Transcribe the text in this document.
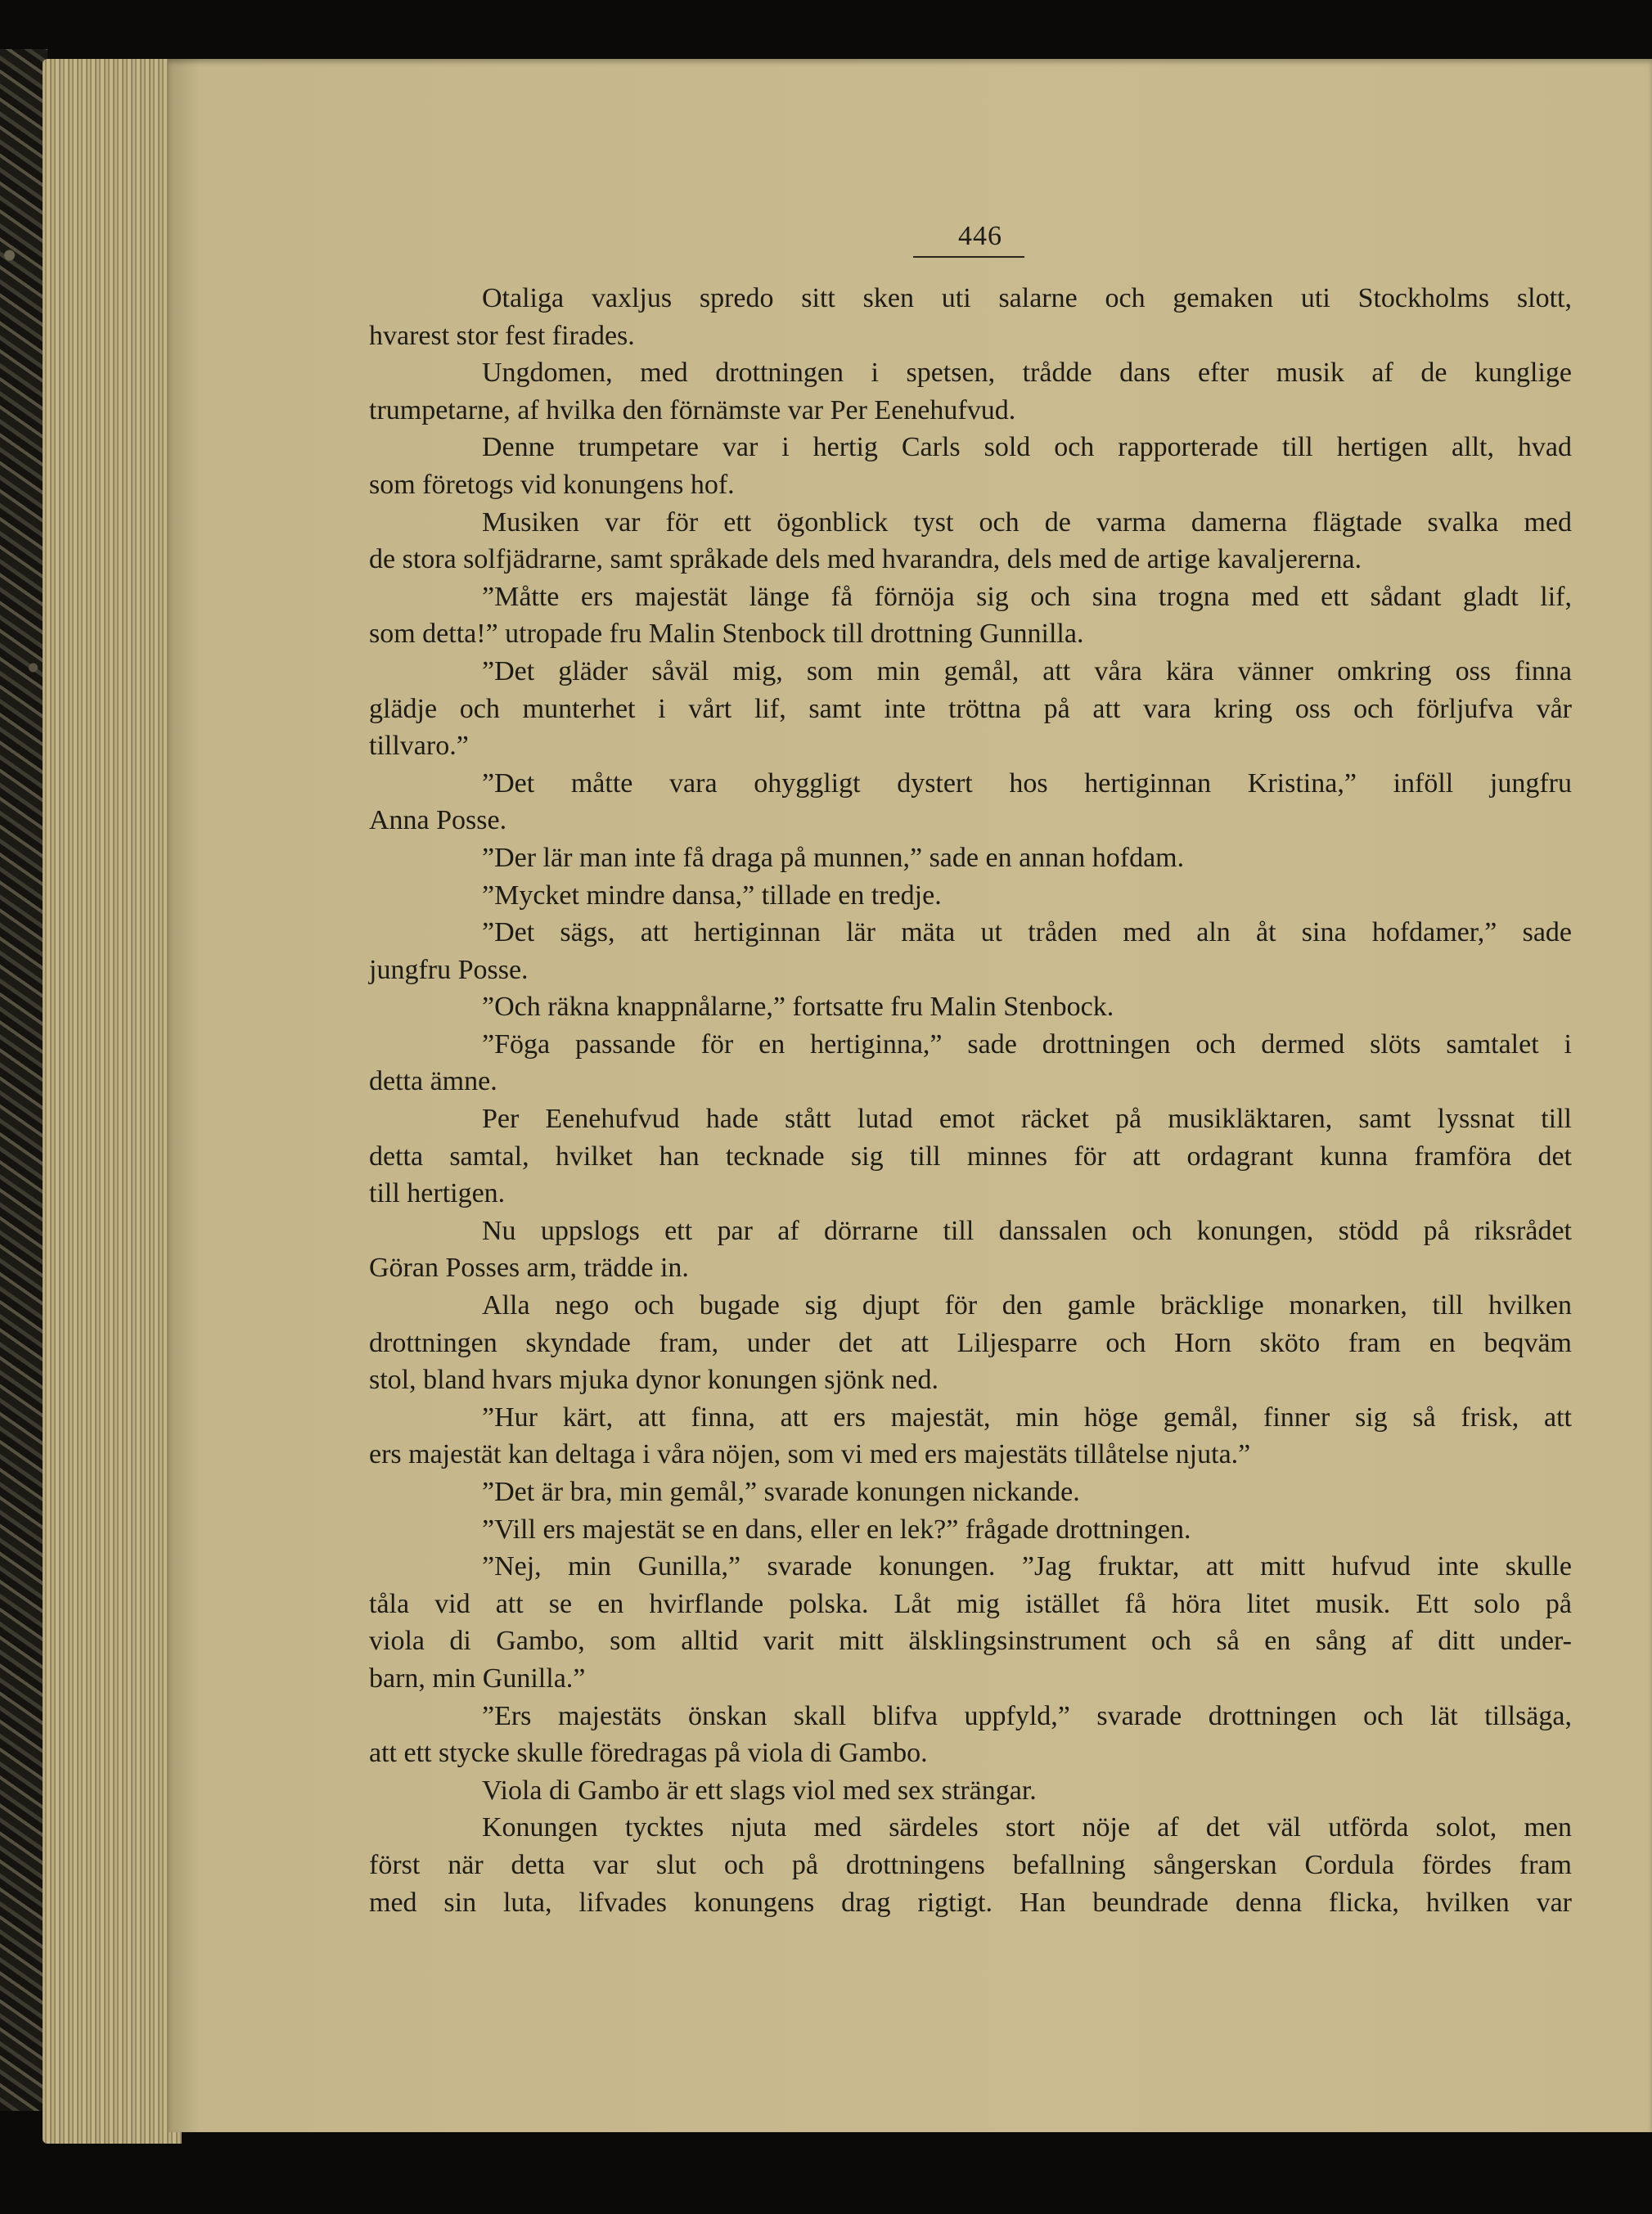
446
Otaliga vaxljus spredo sitt sken uti salarne och gemaken uti Stockholms slott,
hvarest stor fest firades.
Ungdomen, med drottningen i spetsen, trådde dans efter musik af de kunglige
trumpetarne, af hvilka den förnämste var Per Eenehufvud.
Denne trumpetare var i hertig Carls sold och rapporterade till hertigen allt, hvad
som företogs vid konungens hof.
Musiken var för ett ögonblick tyst och de varma damerna flägtade svalka med
de stora solfjädrarne, samt språkade dels med hvarandra, dels med de artige kavaljererna.
”Måtte ers majestät länge få förnöja sig och sina trogna med ett sådant gladt lif,
som detta!” utropade fru Malin Stenbock till drottning Gunnilla.
”Det gläder såväl mig, som min gemål, att våra kära vänner omkring oss finna
glädje och munterhet i vårt lif, samt inte tröttna på att vara kring oss och förljufva vår
tillvaro.”
”Det måtte vara ohyggligt dystert hos hertiginnan Kristina,” inföll jungfru
Anna Posse.
”Der lär man inte få draga på munnen,” sade en annan hofdam.
”Mycket mindre dansa,” tillade en tredje.
”Det sägs, att hertiginnan lär mäta ut tråden med aln åt sina hofdamer,” sade
jungfru Posse.
”Och räkna knappnålarne,” fortsatte fru Malin Stenbock.
”Föga passande för en hertiginna,” sade drottningen och dermed slöts samtalet i
detta ämne.
Per Eenehufvud hade stått lutad emot räcket på musikläktaren, samt lyssnat till
detta samtal, hvilket han tecknade sig till minnes för att ordagrant kunna framföra det
till hertigen.
Nu uppslogs ett par af dörrarne till danssalen och konungen, stödd på riksrådet
Göran Posses arm, trädde in.
Alla nego och bugade sig djupt för den gamle bräcklige monarken, till hvilken
drottningen skyndade fram, under det att Liljesparre och Horn sköto fram en beqväm
stol, bland hvars mjuka dynor konungen sjönk ned.
”Hur kärt, att finna, att ers majestät, min höge gemål, finner sig så frisk, att
ers majestät kan deltaga i våra nöjen, som vi med ers majestäts tillåtelse njuta.”
”Det är bra, min gemål,” svarade konungen nickande.
”Vill ers majestät se en dans, eller en lek?” frågade drottningen.
”Nej, min Gunilla,” svarade konungen. ”Jag fruktar, att mitt hufvud inte skulle
tåla vid att se en hvirflande polska. Låt mig istället få höra litet musik. Ett solo på
viola di Gambo, som alltid varit mitt älsklingsinstrument och så en sång af ditt under-
barn, min Gunilla.”
”Ers majestäts önskan skall blifva uppfyld,” svarade drottningen och lät tillsäga,
att ett stycke skulle föredragas på viola di Gambo.
Viola di Gambo är ett slags viol med sex strängar.
Konungen tycktes njuta med särdeles stort nöje af det väl utförda solot, men
först när detta var slut och på drottningens befallning sångerskan Cordula fördes fram
med sin luta, lifvades konungens drag rigtigt. Han beundrade denna flicka, hvilken var
